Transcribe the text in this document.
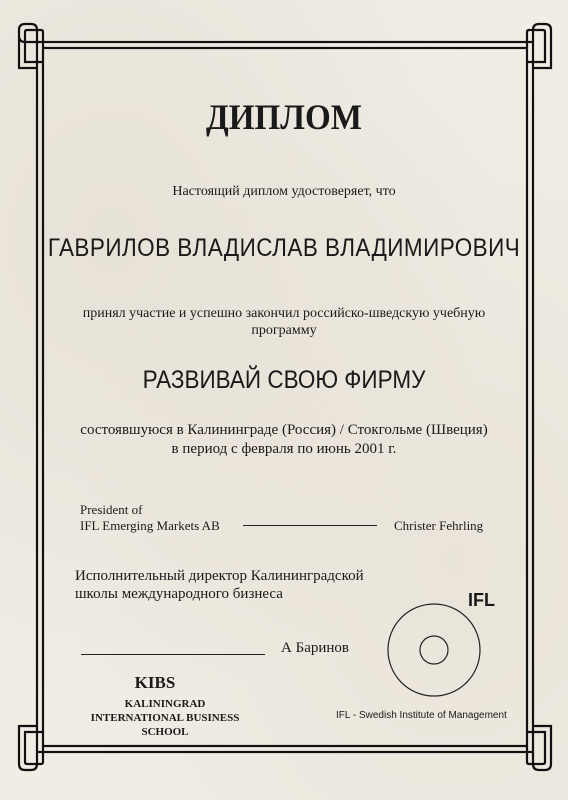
ДИПЛОМ
Настоящий диплом удостоверяет, что
ГАВРИЛОВ ВЛАДИСЛАВ ВЛАДИМИРОВИЧ
принял участие и успешно закончил российско-шведскую учебную
программу
РАЗВИВАЙ СВОЮ ФИРМУ
состоявшуюся в Калининграде (Россия) / Стокгольме (Швеция)
в период с февраля по июнь 2001 г.
President of
IFL Emerging Markets AB	Christer Fehrling
Исполнительный директор Калининградской
школы международного бизнеса
А Баринов
KIBS
KALININGRAD INTERNATIONAL BUSINESS SCHOOL
IFL
IFL - Swedish Institute of Management
